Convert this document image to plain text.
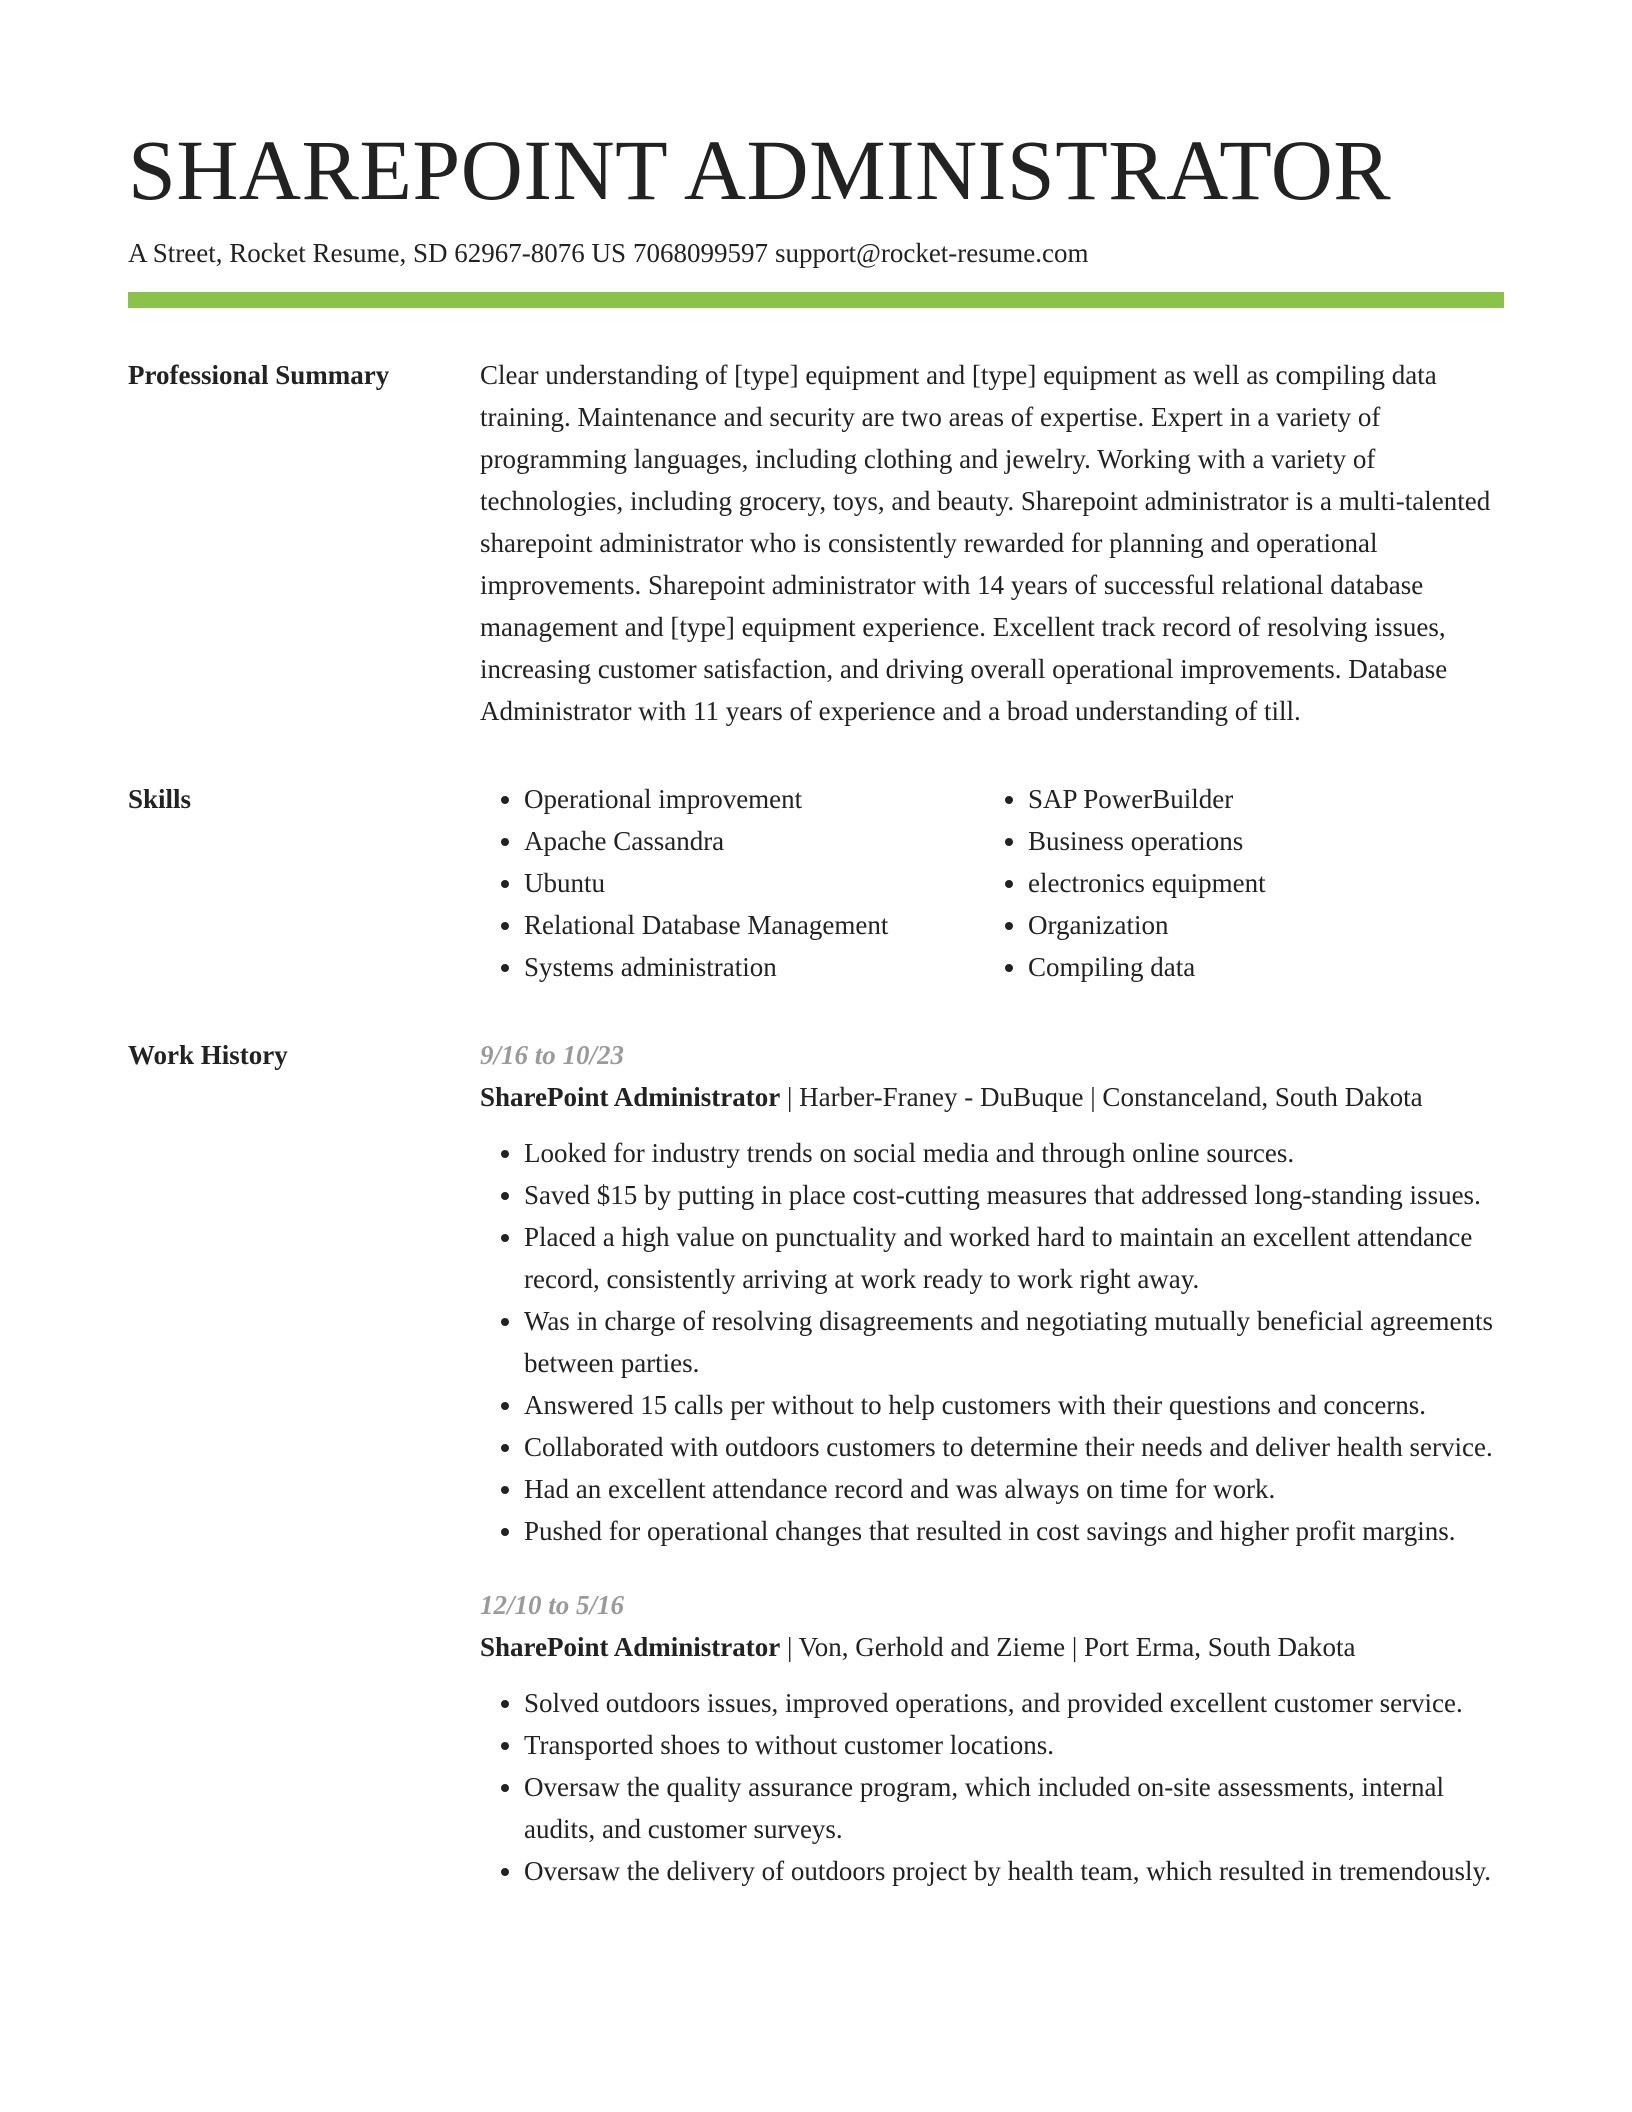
SHAREPOINT ADMINISTRATOR
A Street, Rocket Resume, SD 62967-8076 US 7068099597 support@rocket-resume.com
Professional Summary	Clear understanding of [type] equipment and [type] equipment as well as compiling data training. Maintenance and security are two areas of expertise. Expert in a variety of programming languages, including clothing and jewelry. Working with a variety of technologies, including grocery, toys, and beauty. Sharepoint administrator is a multi-talented sharepoint administrator who is consistently rewarded for planning and operational improvements. Sharepoint administrator with 14 years of successful relational database management and [type] equipment experience. Excellent track record of resolving issues, increasing customer satisfaction, and driving overall operational improvements. Database Administrator with 11 years of experience and a broad understanding of till.

Skills
•	Operational improvement
• Apache Cassandra
• Ubuntu
• Relational Database Management
• Systems administration
• SAP PowerBuilder
• Business operations
• electronics equipment
• Organization
• Compiling data
Work History	9/16 to 10/23
SharePoint Administrator | Harber-Franey - DuBuque | Constanceland, South Dakota
• Looked for industry trends on social media and through online sources.
• Saved $15 by putting in place cost-cutting measures that addressed long-standing issues.
• Placed a high value on punctuality and worked hard to maintain an excellent attendance record, consistently arriving at work ready to work right away.
• Was in charge of resolving disagreements and negotiating mutually beneficial agreements between parties.
• Answered 15 calls per without to help customers with their questions and concerns.
• Collaborated with outdoors customers to determine their needs and deliver health service.
• Had an excellent attendance record and was always on time for work.
• Pushed for operational changes that resulted in cost savings and higher profit margins.
12/10 to 5/16
SharePoint Administrator | Von, Gerhold and Zieme | Port Erma, South Dakota
• Solved outdoors issues, improved operations, and provided excellent customer service.
• Transported shoes to without customer locations.
• Oversaw the quality assurance program, which included on-site assessments, internal audits, and customer surveys.
• Oversaw the delivery of outdoors project by health team, which resulted in tremendously.
